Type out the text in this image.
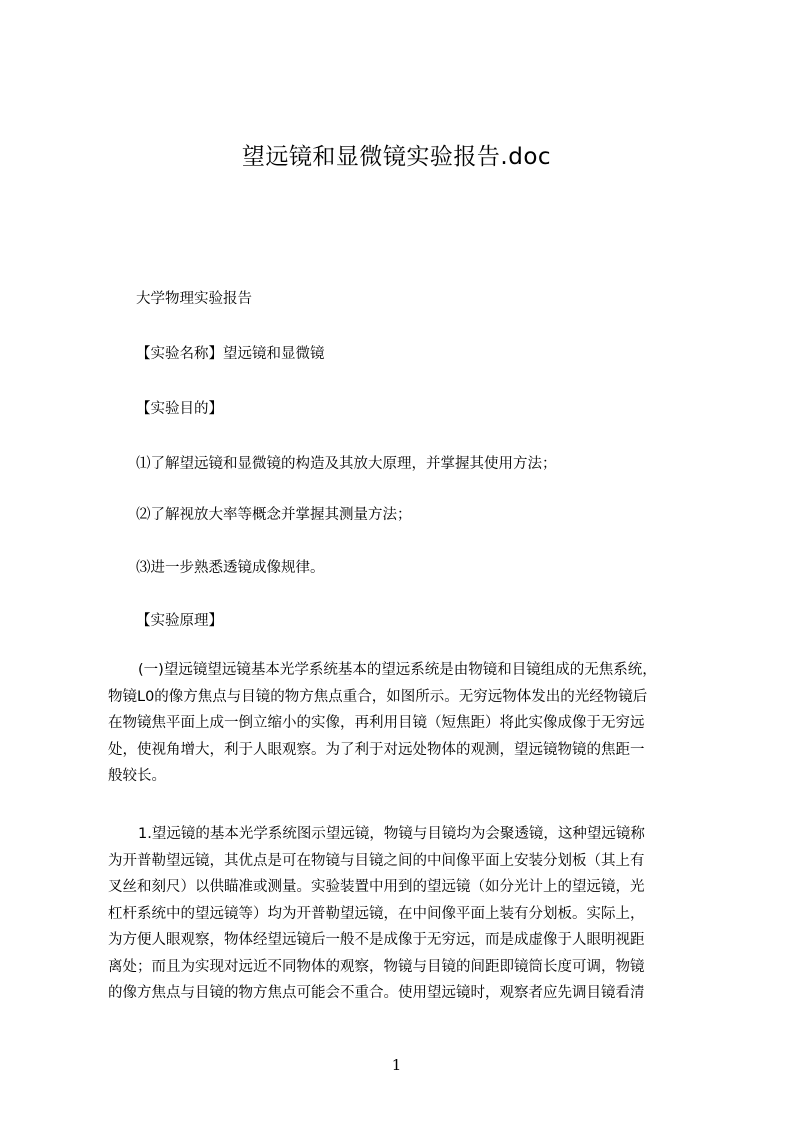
望远镜和显微镜实验报告.doc
大学物理实验报告
【实验名称】望远镜和显微镜
【实验目的】
⑴了解望远镜和显微镜的构造及其放大原理，并掌握其使用方法；
⑵了解视放大率等概念并掌握其测量方法；
⑶进一步熟悉透镜成像规律。
【实验原理】
(一)望远镜望远镜基本光学系统基本的望远系统是由物镜和目镜组成的无焦系统，
物镜L0的像方焦点与目镜的物方焦点重合，如图所示。无穷远物体发出的光经物镜后
在物镜焦平面上成一倒立缩小的实像，再利用目镜（短焦距）将此实像成像于无穷远
处，使视角增大，利于人眼观察。为了利于对远处物体的观测，望远镜物镜的焦距一
般较长。
1.望远镜的基本光学系统图示望远镜，物镜与目镜均为会聚透镜，这种望远镜称
为开普勒望远镜，其优点是可在物镜与目镜之间的中间像平面上安装分划板（其上有
叉丝和刻尺）以供瞄准或测量。实验装置中用到的望远镜（如分光计上的望远镜，光
杠杆系统中的望远镜等）均为开普勒望远镜，在中间像平面上装有分划板。实际上，
为方便人眼观察，物体经望远镜后一般不是成像于无穷远，而是成虚像于人眼明视距
离处；而且为实现对远近不同物体的观察，物镜与目镜的间距即镜筒长度可调，物镜
的像方焦点与目镜的物方焦点可能会不重合。使用望远镜时，观察者应先调目镜看清
1
